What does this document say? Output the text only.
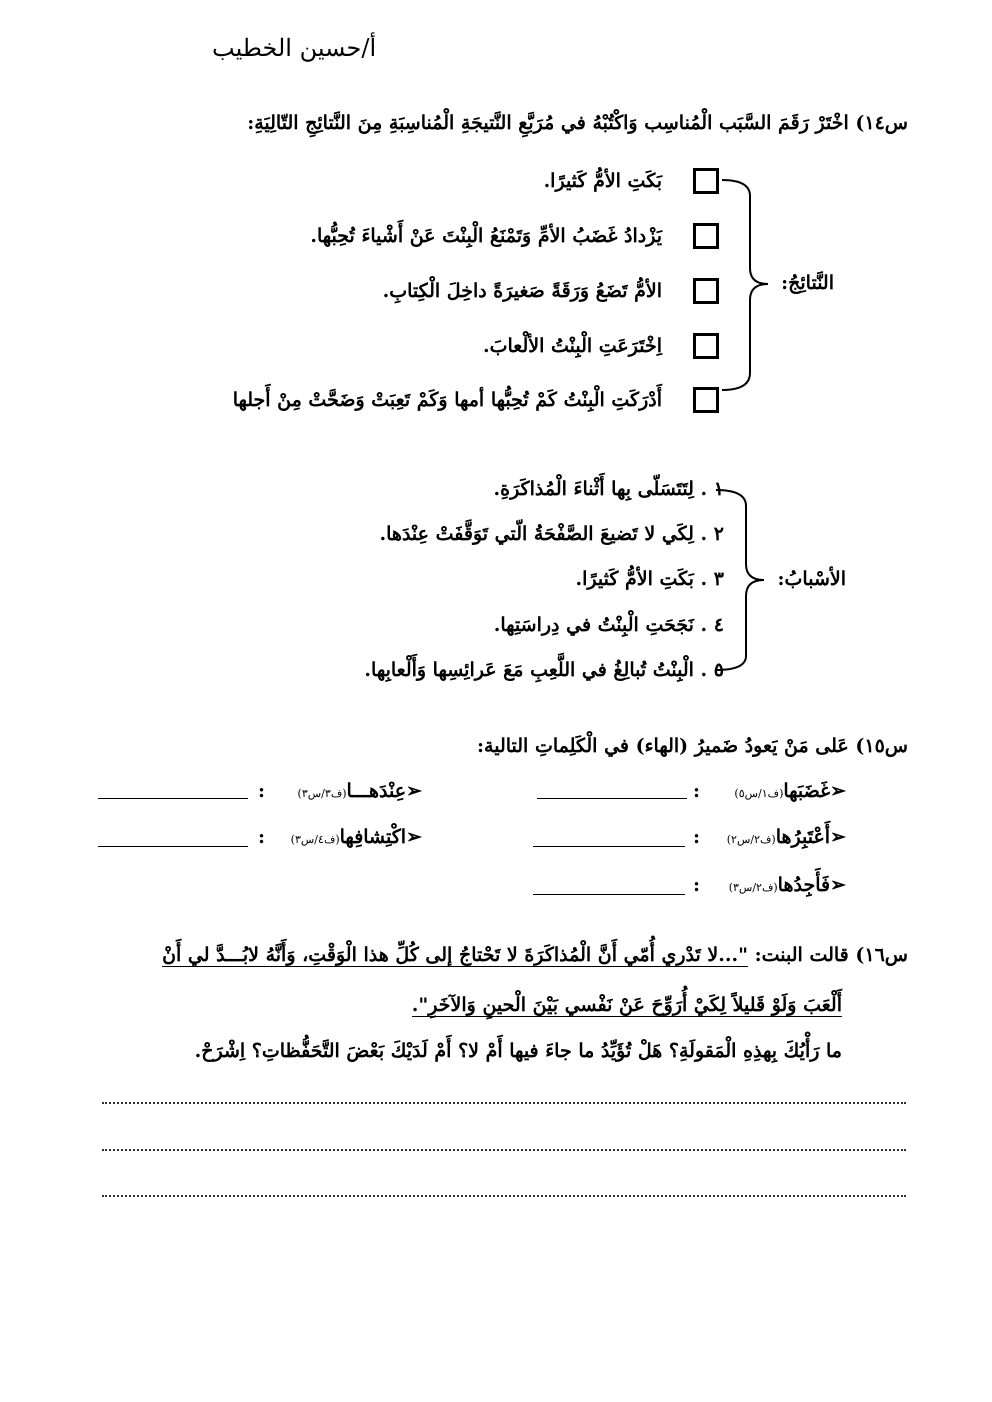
أ/حسين الخطيب
س١٤) اخْتَرْ رَقَمَ السَّبَب الْمُناسِب وَاكْتُبْهُ في مُرَبَّعِ النَّتيجَةِ الْمُناسِبَةِ مِنَ النَّتائِجِ التّالِيَةِ:
بَكَتِ الأمُّ كَثيرًا.
يَزْدادُ غَضَبُ الأمِّ وَتَمْنَعُ الْبِنْتَ عَنْ أَشْياءَ تُحِبُّها.
الأمُّ تَضَعُ وَرَقَةً صَغيرَةً داخِلَ الْكِتابِ.
اِخْتَرَعَتِ الْبِنْتُ الألْعابَ.
أَدْرَكَتِ الْبِنْتُ كَمْ تُحِبُّها أمها وَكَمْ تَعِبَتْ وَضَحَّتْ مِنْ أَجلها
النَّتائِجُ:
١ . لِتَتَسَلّى بِها أَثْناءَ الْمُذاكَرَةِ.
٢ . لِكَي لا تَضيعَ الصَّفْحَةُ الّتي تَوَقَّفَتْ عِنْدَها.
٣ . بَكَتِ الأمُّ كَثيرًا.
٤ . نَجَحَتِ الْبِنْتُ في دِراسَتِها.
٥ . الْبِنْتُ تُبالِغُ في اللَّعِبِ مَعَ عَرائِسِها وَأَلْعابِها.
الأسْبابُ:
س١٥) عَلى مَنْ يَعودُ ضَميرُ (الهاء) في الْكَلِماتِ التالية:
➢غَضَبَها(ف١/س٥)
:
➢عِنْدَهـــا(ف٣/س٣)
:
➢أَعْتَبِرُها(ف٢/س٢)
:
➢اكْتِشافِها(ف٤/س٣)
:
➢فَأَجِدُها(ف٢/س٣)
:
س١٦) قالت البنت: "...لا تَدْري أُمّي أَنَّ الْمُذاكَرَةَ لا تَحْتاجُ إلى كُلِّ هذا الْوَقْتِ، وَأَنَّهُ لابُـــدَّ لي أَنْ
أَلْعَبَ وَلَوْ قَليلاً لِكَيْ أُرَوِّحَ عَنْ نَفْسي بَيْنَ الْحينِ وَالآخَرِ".
ما رَأْيُكَ بِهذِهِ الْمَقولَةِ؟ هَلْ تُؤَيِّدُ ما جاءَ فيها أَمْ لا؟ أَمْ لَدَيْكَ بَعْضَ التَّحَفُّظاتِ؟ اِشْرَحْ.
